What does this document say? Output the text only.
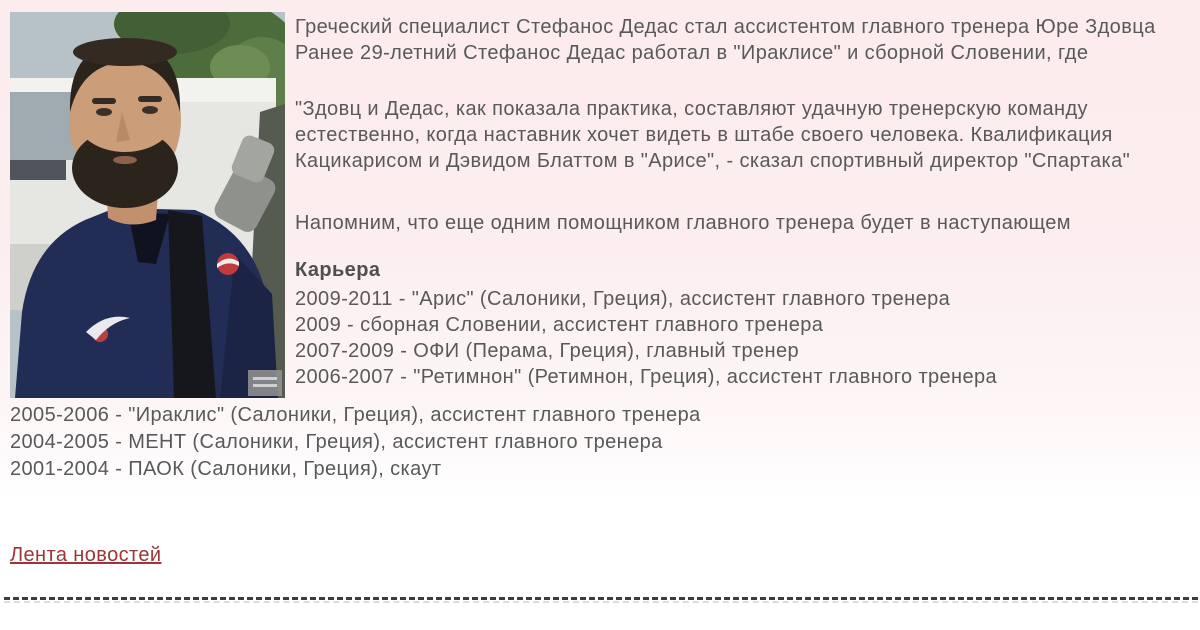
Греческий специалист Стефанос Дедас стал ассистентом главного тренера Юре Здовца
Ранее 29-летний Стефанос Дедас работал в "Ираклисе" и сборной Словении, где
"Здовц и Дедас, как показала практика, составляют удачную тренерскую команду
естественно, когда наставник хочет видеть в штабе своего человека. Квалификация
Кацикарисом и Дэвидом Блаттом в "Арисе", - сказал спортивный директор "Спартака"
Напомним, что еще одним помощником главного тренера будет в наступающем
Карьера
2009-2011 - "Арис" (Салоники, Греция), ассистент главного тренера
2009 - сборная Словении, ассистент главного тренера
2007-2009 - ОФИ (Перама, Греция), главный тренер
2006-2007 - "Ретимнон" (Ретимнон, Греция), ассистент главного тренера
2005-2006 - "Ираклис" (Салоники, Греция), ассистент главного тренера
2004-2005 - МЕНТ (Салоники, Греция), ассистент главного тренера
2001-2004 - ПАОК (Салоники, Греция), скаут
Лента новостей
